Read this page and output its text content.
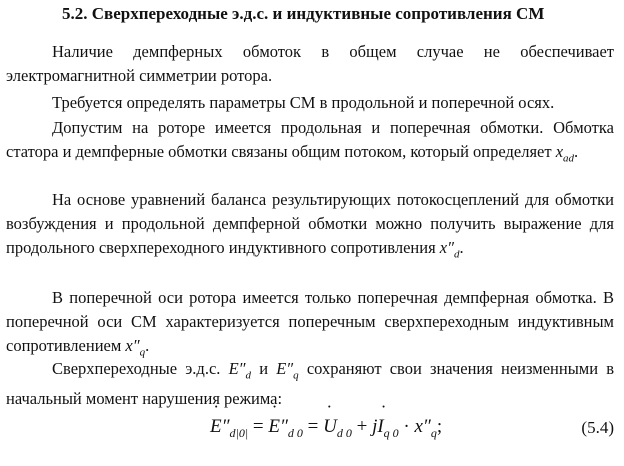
5.2. Сверхпереходные э.д.с. и индуктивные сопротивления СМ

Наличие демпферных обмоток в общем случае не обеспечивает электромагнитной симметрии ротора.

Требуется определять параметры СМ в продольной и поперечной осях.

Допустим на роторе имеется продольная и поперечная обмотки. Обмотка статора и демпферные обмотки связаны общим потоком, который определяет $x_{ad}$.

На основе уравнений баланса результирующих потокосцеплений для обмотки возбуждения и продольной демпферной обмотки можно получить выражение для продольного сверхпереходного индуктивного сопротивления $x''_d$.

В поперечной оси ротора имеется только поперечная демпферная обмотка. В поперечной оси СМ характеризуется поперечным сверхпереходным индуктивным сопротивлением $x''_q$.

Сверхпереходные э.д.с. $E''_d$ и $E''_q$ сохраняют свои значения неизменными в начальный момент нарушения режима:

˙ $E''_{d|0|}$ = ˙ $E''_{d 0}$ = ˙ $U_{d 0}$ + j˙ $I_{q 0} \cdot x''_q$;	(5.4)
